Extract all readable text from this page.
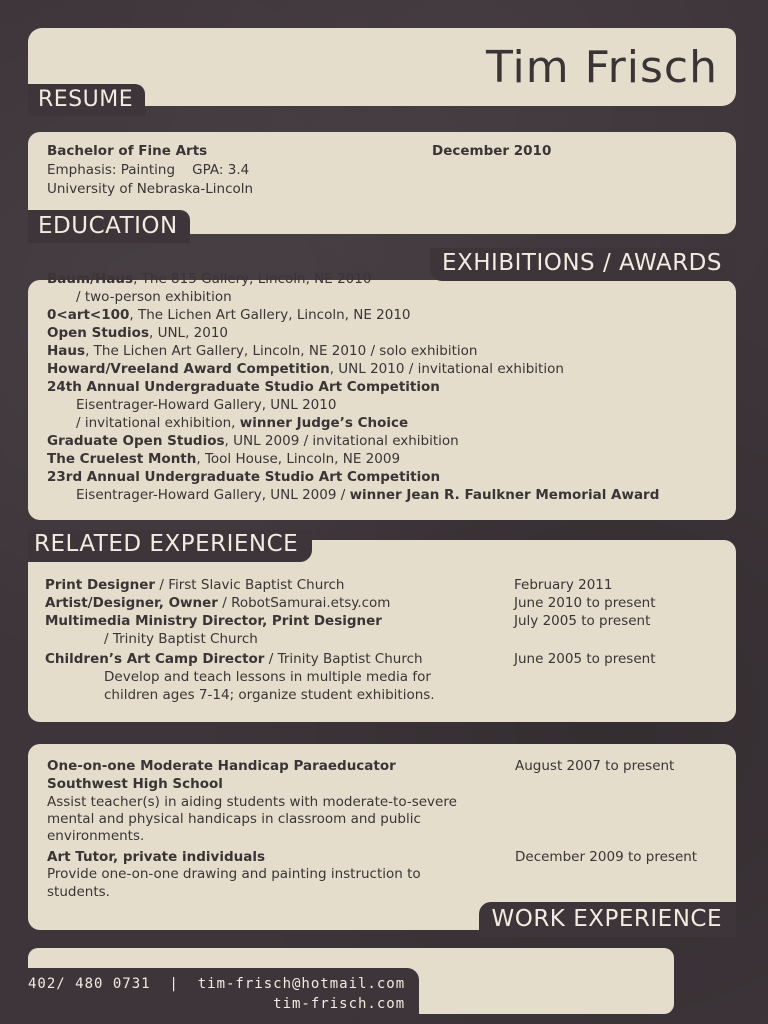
Tim Frisch
RESUME
Bachelor of Fine Arts	December 2010
Emphasis: Painting    GPA: 3.4
University of Nebraska-Lincoln
EDUCATION
Baum/Haus, The 815 Gallery, Lincoln, NE 2010
/ two-person exhibition
0<art<100, The Lichen Art Gallery, Lincoln, NE 2010
Open Studios, UNL, 2010
Haus, The Lichen Art Gallery, Lincoln, NE 2010 / solo exhibition
Howard/Vreeland Award Competition, UNL 2010 / invitational exhibition
24th Annual Undergraduate Studio Art Competition
Eisentrager-Howard Gallery, UNL 2010
/ invitational exhibition, winner Judge’s Choice
Graduate Open Studios, UNL 2009 / invitational exhibition
The Cruelest Month, Tool House, Lincoln, NE 2009
23rd Annual Undergraduate Studio Art Competition
Eisentrager-Howard Gallery, UNL 2009 / winner Jean R. Faulkner Memorial Award
EXHIBITIONS / AWARDS
Print Designer / First Slavic Baptist Church	February 2011
Artist/Designer, Owner / RobotSamurai.etsy.com	June 2010 to present
Multimedia Ministry Director, Print Designer	July 2005 to present
/ Trinity Baptist Church
Children’s Art Camp Director / Trinity Baptist Church	June 2005 to present
Develop and teach lessons in multiple media for
children ages 7-14; organize student exhibitions.
RELATED EXPERIENCE
One-on-one Moderate Handicap Paraeducator	August 2007 to present
Southwest High School
Assist teacher(s) in aiding students with moderate-to-severe
mental and physical handicaps in classroom and public
environments.
Art Tutor, private individuals	December 2009 to present
Provide one-on-one drawing and painting instruction to
students.
WORK EXPERIENCE
402/ 480 0731  |  tim-frisch@hotmail.com
tim-frisch.com
